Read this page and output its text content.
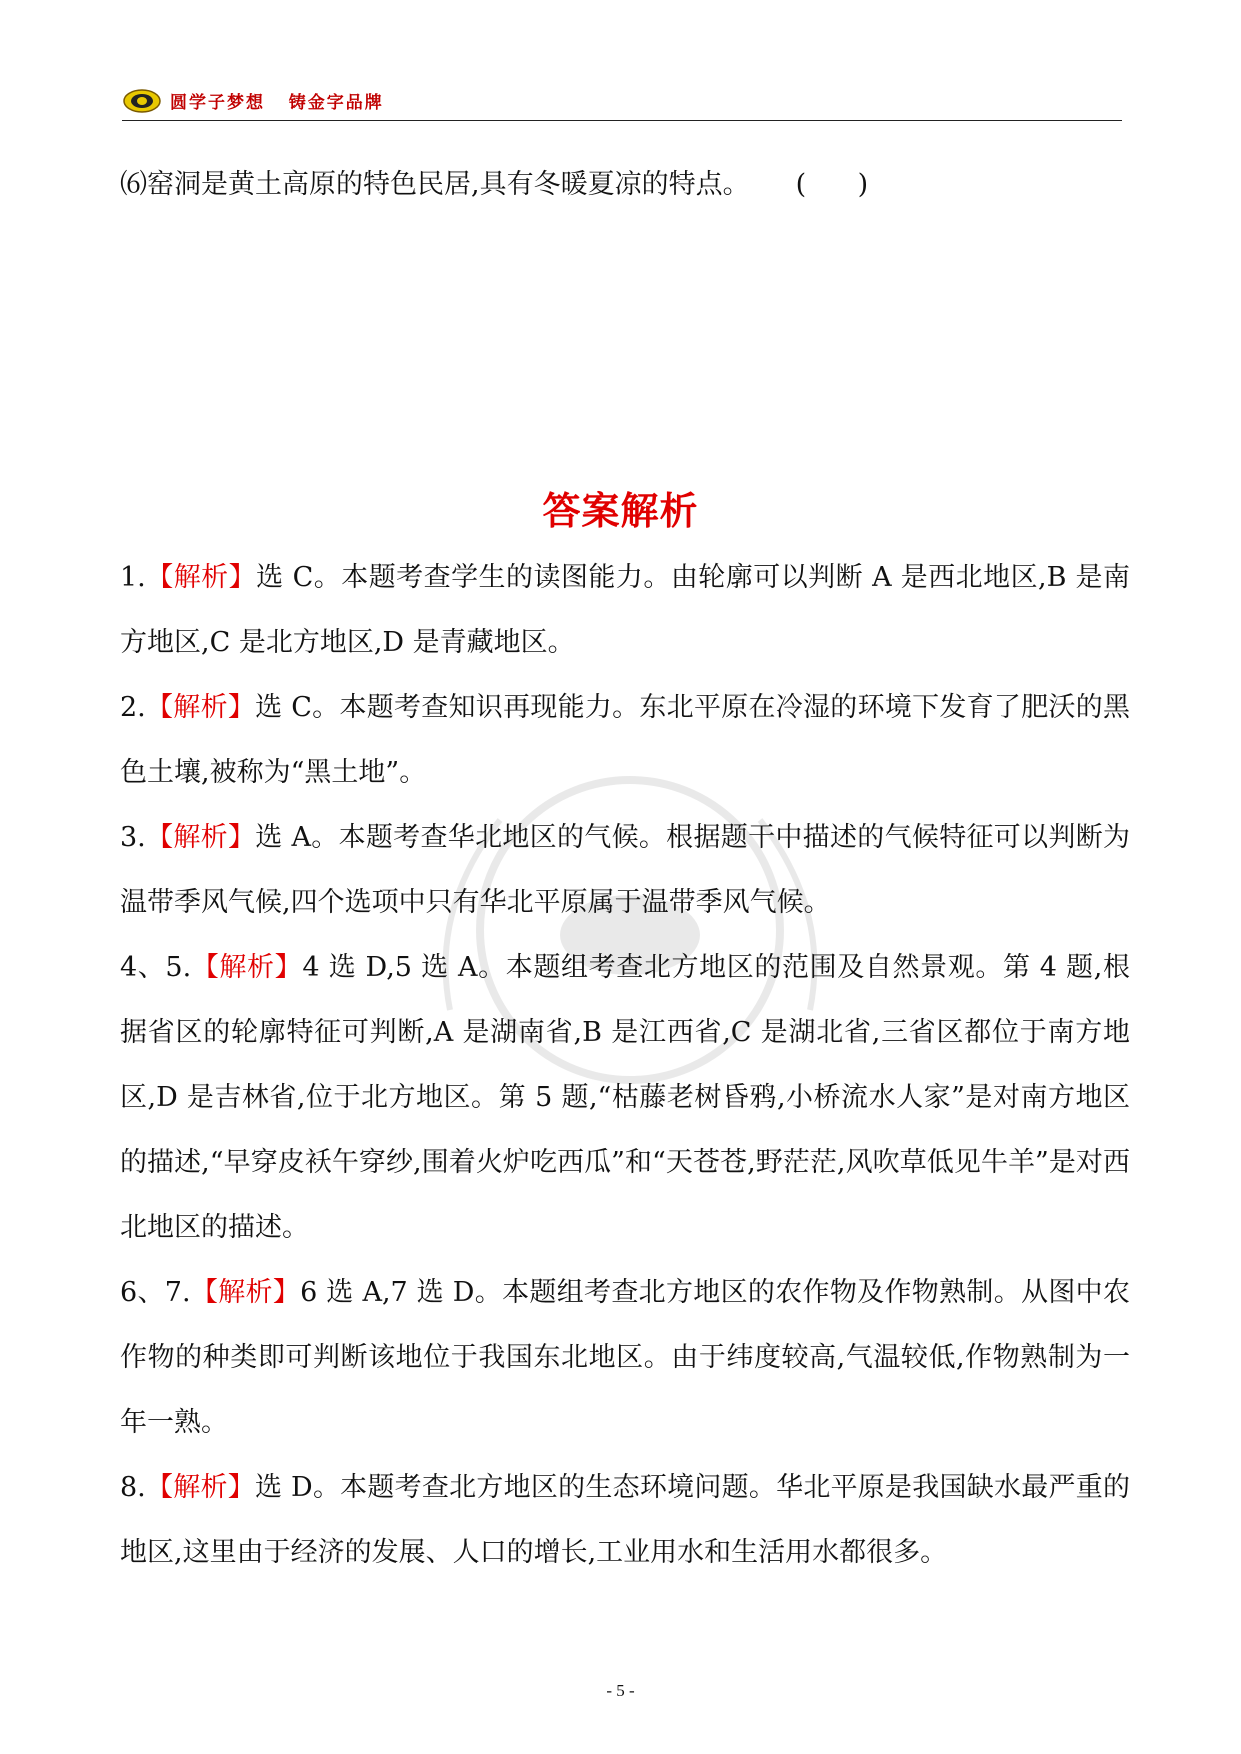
圆学子梦想   铸金字品牌
⑹窑洞是黄土高原的特色民居,具有冬暖夏凉的特点。 (      )
答案解析

1.【解析】选 C。本题考查学生的读图能力。由轮廓可以判断 A 是西北地区,B 是南方地区,C 是北方地区,D 是青藏地区。

2.【解析】选 C。本题考查知识再现能力。东北平原在冷湿的环境下发育了肥沃的黑色土壤,被称为“黑土地”。

3.【解析】选 A。本题考查华北地区的气候。根据题干中描述的气候特征可以判断为温带季风气候,四个选项中只有华北平原属于温带季风气候。

4、5.【解析】4 选 D,5 选 A。本题组考查北方地区的范围及自然景观。第 4 题,根据省区的轮廓特征可判断,A 是湖南省,B 是江西省,C 是湖北省,三省区都位于南方地区,D 是吉林省,位于北方地区。第 5 题,“枯藤老树昏鸦,小桥流水人家”是对南方地区的描述,“早穿皮袄午穿纱,围着火炉吃西瓜”和“天苍苍,野茫茫,风吹草低见牛羊”是对西北地区的描述。

6、7.【解析】6 选 A,7 选 D。本题组考查北方地区的农作物及作物熟制。从图中农作物的种类即可判断该地位于我国东北地区。由于纬度较高,气温较低,作物熟制为一年一熟。

8.【解析】选 D。本题考查北方地区的生态环境问题。华北平原是我国缺水最严重的地区,这里由于经济的发展、人口的增长,工业用水和生活用水都很多。

- 5 -
